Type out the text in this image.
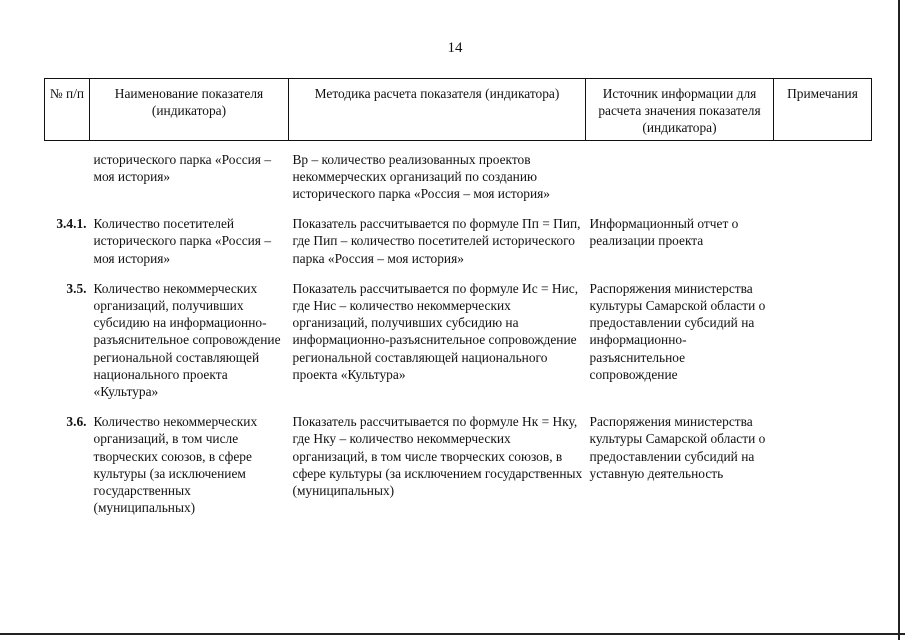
14
№ п/п	Наименование показателя (индикатора)	Методика расчета показателя (индикатора)	Источник информации для расчета значения показателя (индикатора)	Примечания
	исторического парка «Россия – моя история»	Вр – количество реализованных проектов некоммерческих организаций по созданию исторического парка «Россия – моя история»		
3.4.1.	Количество посетителей исторического парка «Россия – моя история»	Показатель рассчитывается по формуле Пп = Пип, где Пип – количество посетителей исторического парка «Россия – моя история»	Информационный отчет о реализации проекта	
3.5.	Количество некоммерческих организаций, получивших субсидию на информационно-разъяснительное сопровождение региональной составляющей национального проекта «Культура»	Показатель рассчитывается по формуле Ис = Нис, где Нис – количество некоммерческих организаций, получивших субсидию на информационно-разъяснительное сопровождение региональной составляющей национального проекта «Культура»	Распоряжения министерства культуры Самарской области о предоставлении субсидий на информационно-разъяснительное сопровождение	
3.6.	Количество некоммерческих организаций, в том числе творческих союзов, в сфере культуры (за исключением государственных (муниципальных)	Показатель рассчитывается по формуле Нк = Нку, где Нку – количество некоммерческих организаций, в том числе творческих союзов, в сфере культуры (за исключением государственных (муниципальных)	Распоряжения министерства культуры Самарской области о предоставлении субсидий на уставную деятельность	
